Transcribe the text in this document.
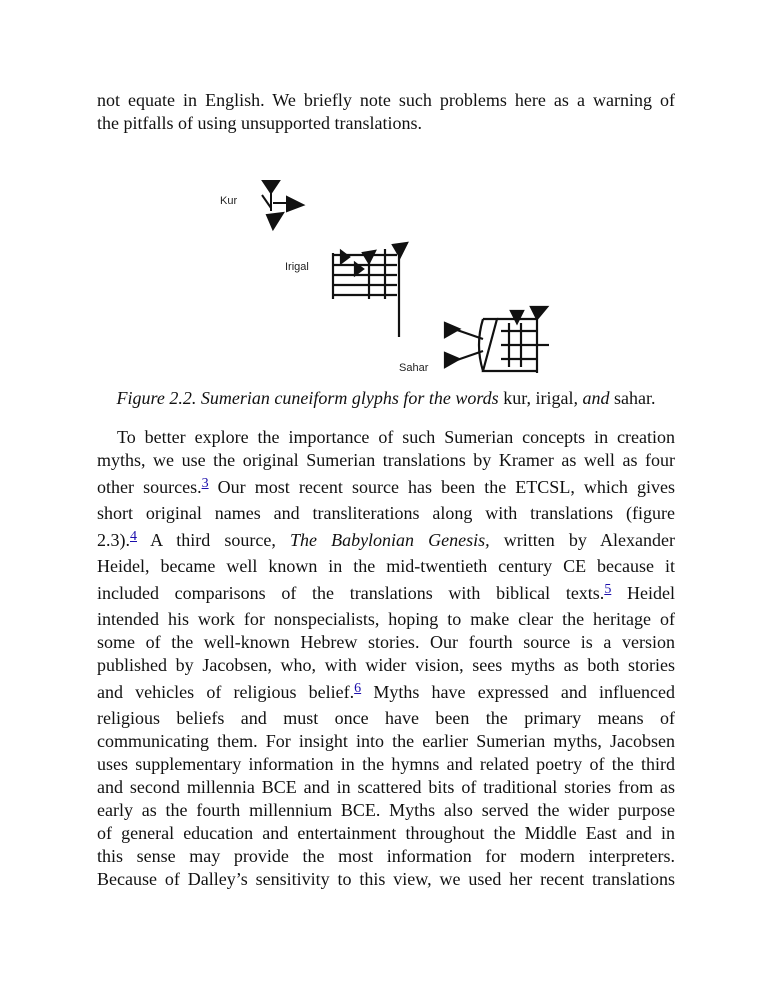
not equate in English. We briefly note such problems here as a warning of
the pitfalls of using unsupported translations.
Kur
Irigal
Sahar
Figure 2.2. Sumerian cuneiform glyphs for the words kur, irigal, and sahar.
To better explore the importance of such Sumerian concepts in creation
myths, we use the original Sumerian translations by Kramer as well as four
other sources.$^3$ Our most recent source has been the ETCSL, which gives
short original names and transliterations along with translations (figure
2.3).$^4$ A third source, The Babylonian Genesis, written by Alexander
Heidel, became well known in the mid-twentieth century CE because it
included comparisons of the translations with biblical texts.$^5$ Heidel
intended his work for nonspecialists, hoping to make clear the heritage of
some of the well-known Hebrew stories. Our fourth source is a version
published by Jacobsen, who, with wider vision, sees myths as both stories
and vehicles of religious belief.$^6$ Myths have expressed and influenced
religious beliefs and must once have been the primary means of
communicating them. For insight into the earlier Sumerian myths, Jacobsen
uses supplementary information in the hymns and related poetry of the third
and second millennia BCE and in scattered bits of traditional stories from as
early as the fourth millennium BCE. Myths also served the wider purpose
of general education and entertainment throughout the Middle East and in
this sense may provide the most information for modern interpreters.
Because of Dalley’s sensitivity to this view, we used her recent translations
